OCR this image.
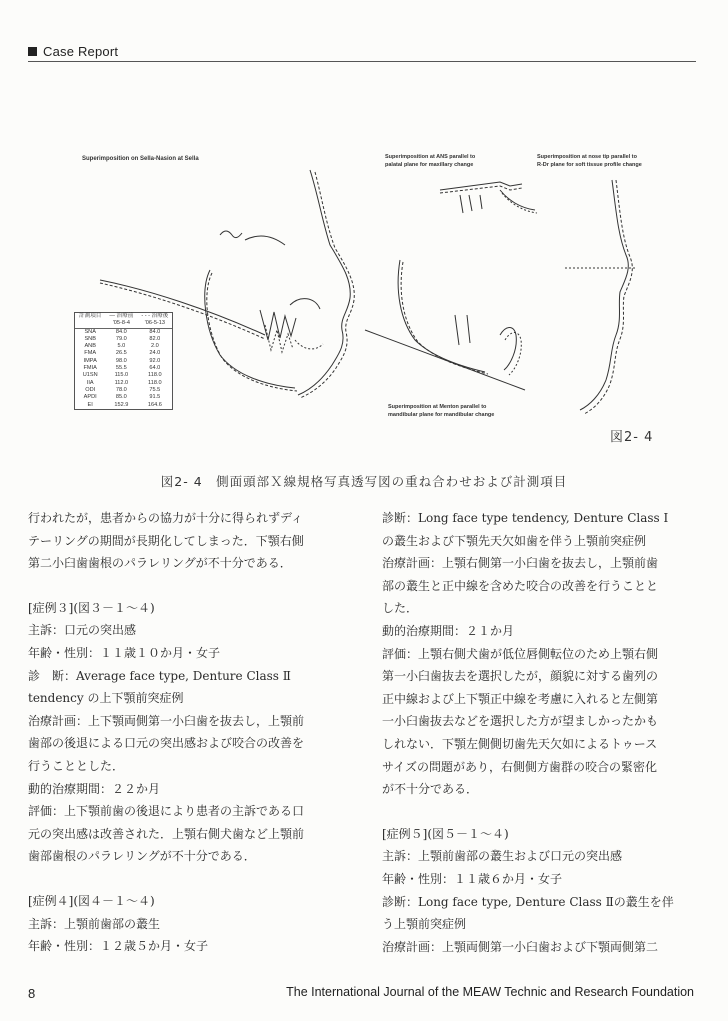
Case Report
Superimposition on Sella-Nasion at Sella	Superimposition at ANS parallel to
palatal plane for maxillary change
Superimposition at nose tip parallel to
R-Dr plane for soft tissue profile change
Superimposition at Menton parallel to
mandibular plane for mandibular change
計測項目	— 治療前	- - - 治療後
	'05-8-4	'06-5-13

SNA	84.0	84.0
SNB	79.0	82.0
ANB	5.0	2.0
FMA	26.5	24.0
IMPA	98.0	92.0
FMIA	55.5	64.0
U1SN	115.0	118.0
IIA	112.0	118.0
ODI	78.0	75.5
APDI	85.0	91.5
EI	152.9	164.6
図2- 4
図2- 4　側面頭部Ｘ線規格写真透写図の重ね合わせおよび計測項目

行われたが，患者からの協力が十分に得られずディ

テーリングの期間が長期化してしまった．下顎右側

第二小臼歯歯根のパラレリングが不十分である．

[症例３](図３－１～４)

主訴：口元の突出感

年齢・性別：１１歳１０か月・女子

診　断：Average face type, Denture Class Ⅱ

tendency の上下顎前突症例

治療計画：上下顎両側第一小臼歯を抜去し，上顎前

歯部の後退による口元の突出感および咬合の改善を

行うこととした．

動的治療期間：２２か月

評価：上下顎前歯の後退により患者の主訴である口

元の突出感は改善された．上顎右側犬歯など上顎前

歯部歯根のパラレリングが不十分である．

[症例４](図４－１～４)

主訴：上顎前歯部の叢生

年齢・性別：１２歳５か月・女子

診断：Long face type tendency, Denture Class Ⅰ

の叢生および下顎先天欠如歯を伴う上顎前突症例

治療計画：上顎右側第一小臼歯を抜去し，上顎前歯

部の叢生と正中線を含めた咬合の改善を行うことと

した．

動的治療期間：２１か月

評価：上顎右側犬歯が低位唇側転位のため上顎右側

第一小臼歯抜去を選択したが，顔貌に対する歯列の

正中線および上下顎正中線を考慮に入れると左側第

一小臼歯抜去などを選択した方が望ましかったかも

しれない．下顎左側側切歯先天欠如によるトゥース

サイズの問題があり，右側側方歯群の咬合の緊密化

が不十分である．

[症例５](図５－１～４)

主訴：上顎前歯部の叢生および口元の突出感

年齢・性別：１１歳６か月・女子

診断：Long face type, Denture Class Ⅱの叢生を伴

う上顎前突症例

治療計画：上顎両側第一小臼歯および下顎両側第二

8	The International Journal of the MEAW Technic and Research Foundation
